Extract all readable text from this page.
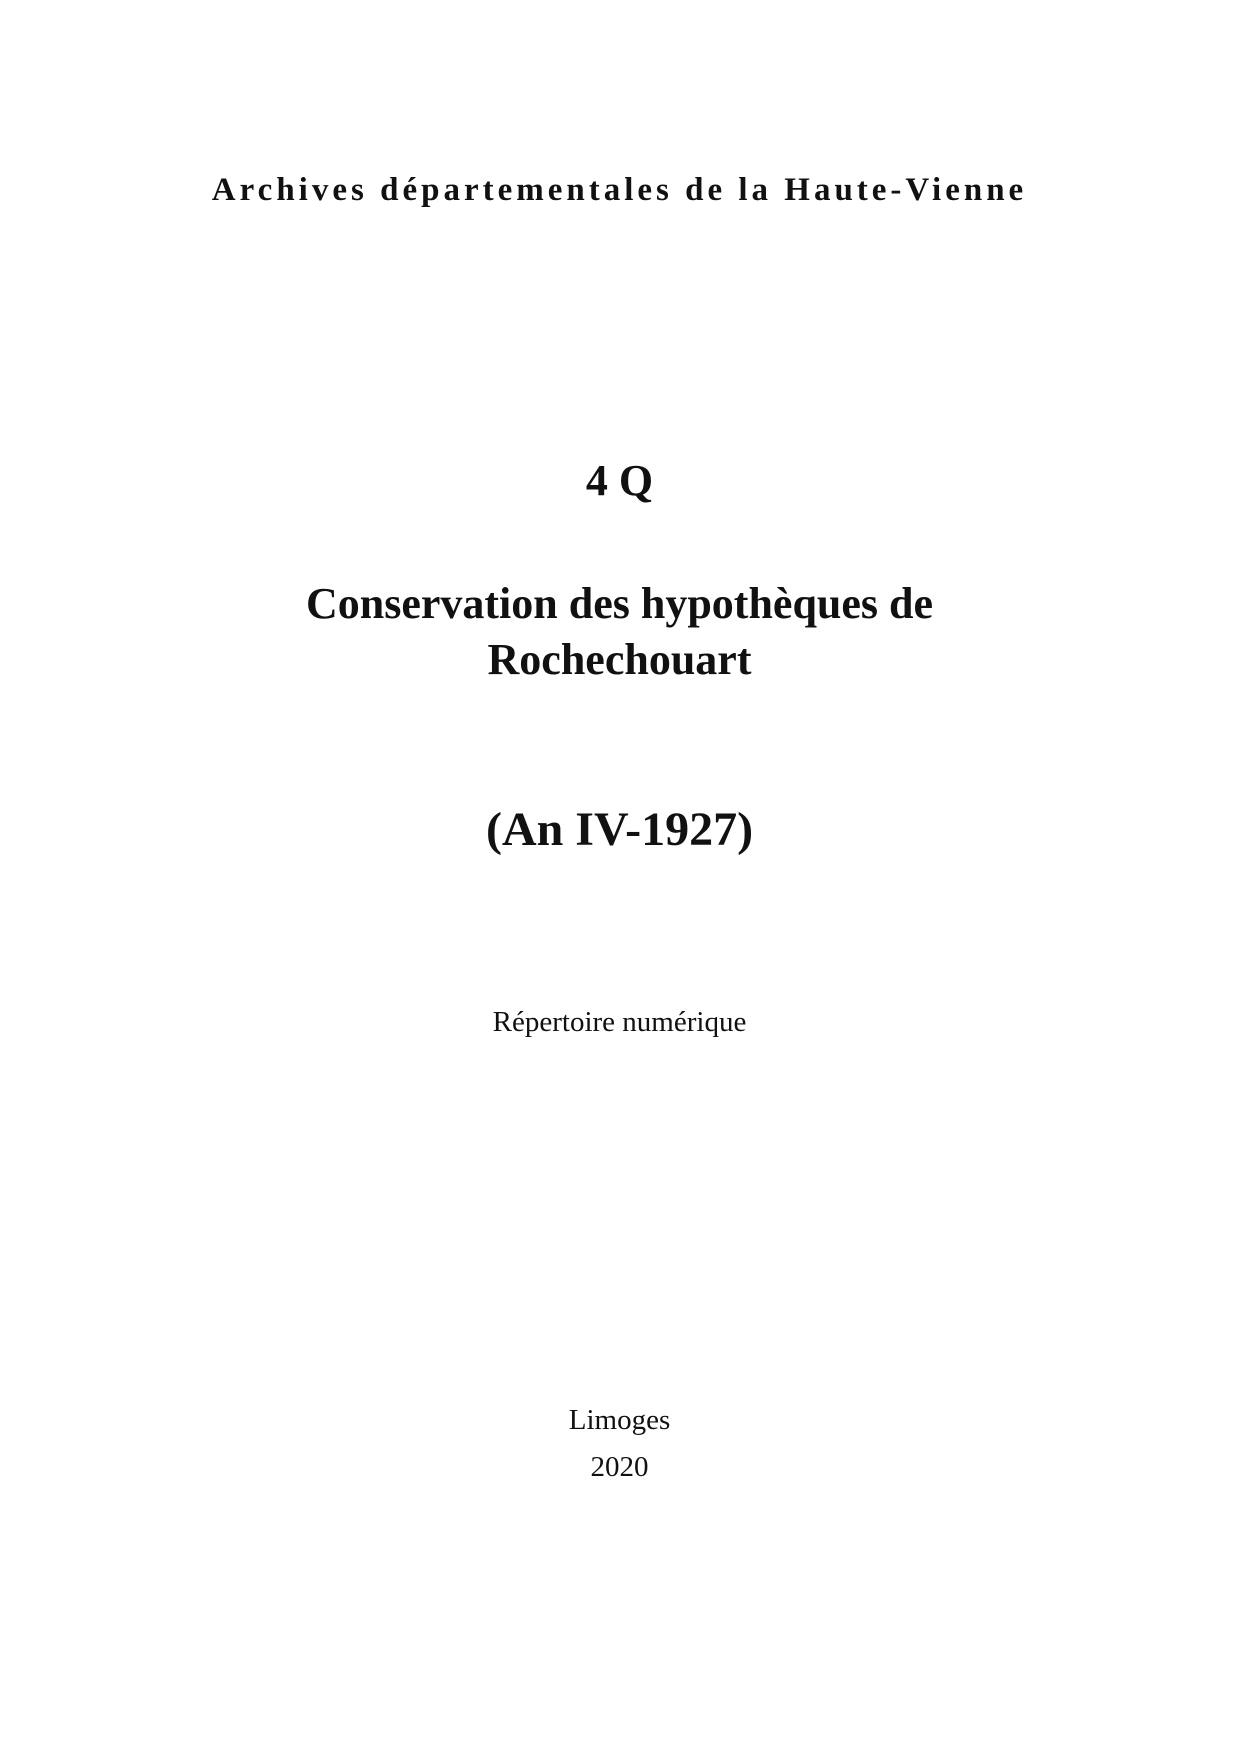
Archives départementales de la Haute-Vienne
4 Q
Conservation des hypothèques de
Rochechouart
(An IV-1927)
Répertoire numérique
Limoges
2020
